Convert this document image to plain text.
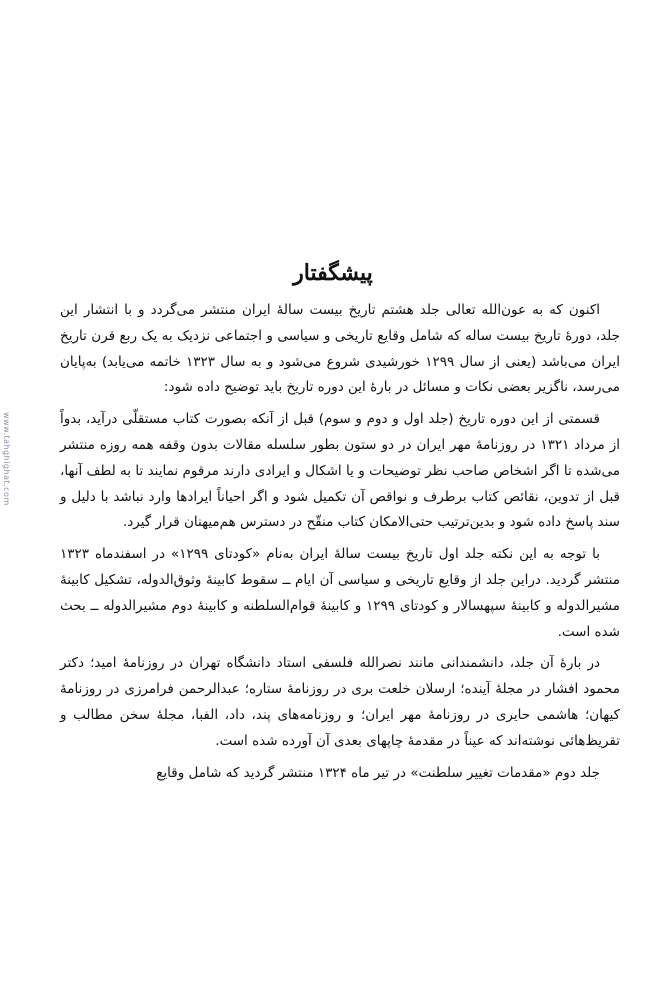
www.tahghighat.com
پیشگفتار

اکنون که به عون‌الله تعالی جلد هشتم تاریخ بیست سالهٔ ایران منتشر می‌گردد و با انتشار این جلد، دورهٔ تاریخ بیست ساله که شامل وقایع تاریخی و سیاسی و اجتماعی نزدیک به یک ربع قرن تاریخ ایران می‌باشد (یعنی از سال ۱۲۹۹ خورشیدی شروع می‌شود و به سال ۱۳۲۳ خاتمه می‌یابد) به‌پایان می‌رسد، ناگزیر بعضی نکات و مسائل در بارهٔ این دوره تاریخ باید توضیح داده شود:

قسمتی از این دوره تاریخ (جلد اول و دوم و سوم) قبل از آنکه بصورت کتاب مستقلّی درآید، بدواً از مرداد ۱۳۲۱ در روزنامهٔ مهر ایران در دو ستون بطور سلسله مقالات بدون وقفه همه روزه منتشر می‌شده تا اگر اشخاص صاحب نظر توضیحات و یا اشکال و ایرادی دارند مرقوم نمایند تا به لطف آنها، قبل از تدوین، نقائص کتاب برطرف و نواقص آن تکمیل شود و اگر احیاناً ایرادها وارد نباشد با دلیل و سند پاسخ داده شود و بدین‌ترتیب حتی‌الامکان کتاب منقّح در دسترس هم‌میهنان قرار گیرد.

با توجه به این نکته جلد اول تاریخ بیست سالهٔ ایران به‌نام «کودتای ۱۲۹۹» در اسفندماه ۱۳۲۳ منتشر گردید. دراین جلد از وقایع تاریخی و سیاسی آن ایام ــ سقوط کابینهٔ وثوق‌الدوله، تشکیل کابینهٔ مشیرالدوله و کابینهٔ سپهسالار و کودتای ۱۲۹۹ و کابینهٔ قوام‌السلطنه و کابینهٔ دوم مشیرالدوله ــ بحث شده است.

در بارهٔ آن جلد، دانشمندانی مانند نصرالله فلسفی استاد دانشگاه تهران در روزنامهٔ امید؛ دکتر محمود افشار در مجلهٔ آینده؛ ارسلان خلعت بری در روزنامهٔ ستاره؛ عبدالرحمن فرامرزی در روزنامهٔ کیهان؛ هاشمی حایری در روزنامهٔ مهر ایران؛ و روزنامه‌های پند، داد، الفبا، مجلهٔ سخن مطالب و تقریظ‌هائی نوشته‌اند که عیناً در مقدمهٔ چاپهای بعدی آن آورده شده است.

جلد دوم «مقدمات تغییر سلطنت» در تیر ماه ۱۳۲۴ منتشر گردید که شامل وقایع
